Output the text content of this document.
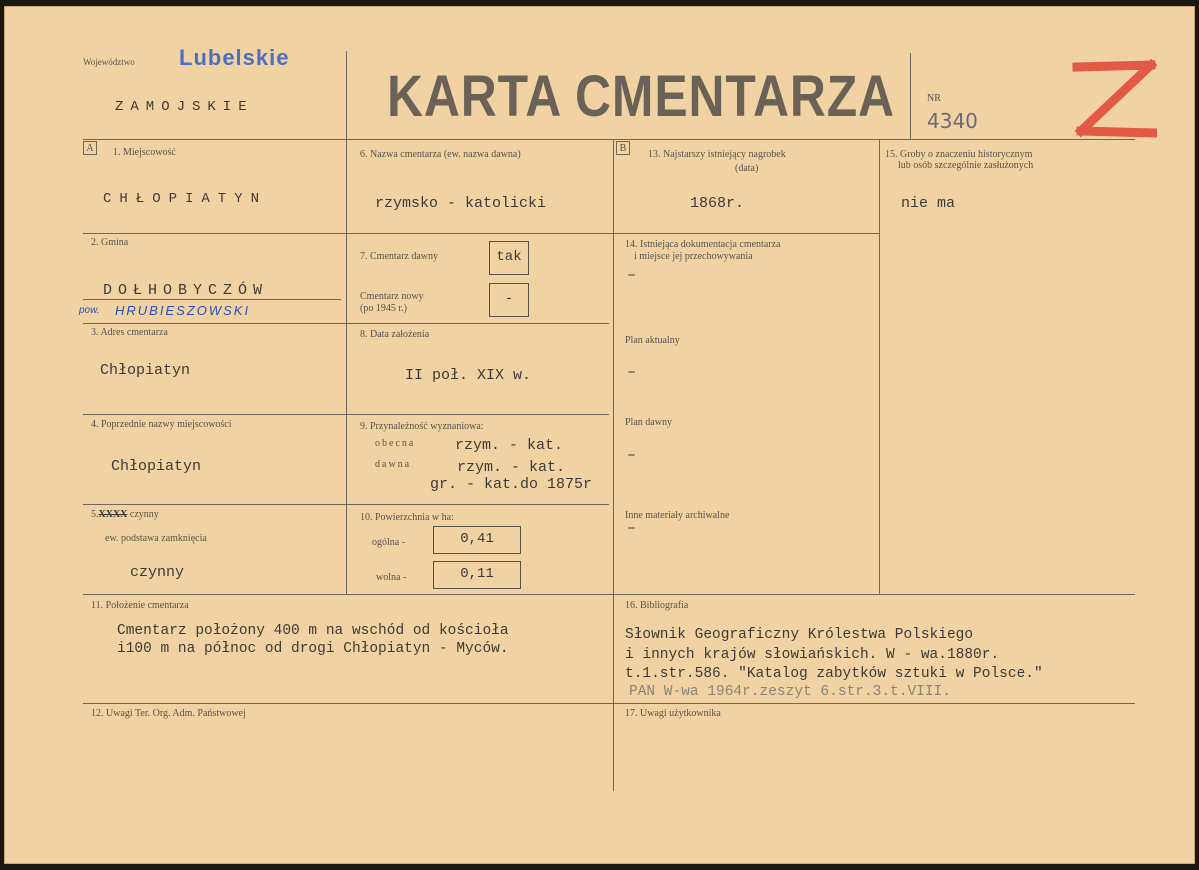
Województwo Lubelskie
ZAMOJSKIE KARTA CMENTARZA	NR
4340
A	B
1. Miejscowość
CHŁOPIATYN
2. Gmina
DOŁHOBYCZÓW
pow. HRUBIESZOWSKI
3. Adres cmentarza
Chłopiatyn
4. Poprzednie nazwy miejscowości
Chłopiatyn
5.XXXX czynny
ew. podstawa zamknięcia
czynny
6. Nazwa cmentarza (ew. nazwa dawna)
rzymsko - katolicki
7. Cmentarz dawny	tak
Cmentarz nowy
(po 1945 r.)
-
8. Data założenia
II poł. XIX w.
9. Przynależność wyznaniowa:
obecna	rzym. - kat.
dawna	rzym. - kat.
gr. - kat.do 1875r
10. Powierzchnia w ha:
ogólna -	0,41
wolna -	0,11
11. Położenie cmentarza
Cmentarz położony 400 m na wschód od kościoła
i100 m na północ od drogi Chłopiatyn - Myców.
12. Uwagi Ter. Org. Adm. Państwowej
13. Najstarszy istniejący nagrobek
(data)
1868r.
14. Istniejąca dokumentacja cmentarza
i miejsce jej przechowywania
–
Plan aktualny
–
Plan dawny
–
Inne materiały archiwalne
–
15. Groby o znaczeniu historycznym
lub osób szczególnie zasłużonych
nie ma
16. Bibliografia
Słownik Geograficzny Królestwa Polskiego
i innych krajów słowiańskich. W - wa.1880r.
t.1.str.586. "Katalog zabytków sztuki w Polsce."
PAN W-wa 1964r.zeszyt 6.str.3.t.VIII.
17. Uwagi użytkownika
